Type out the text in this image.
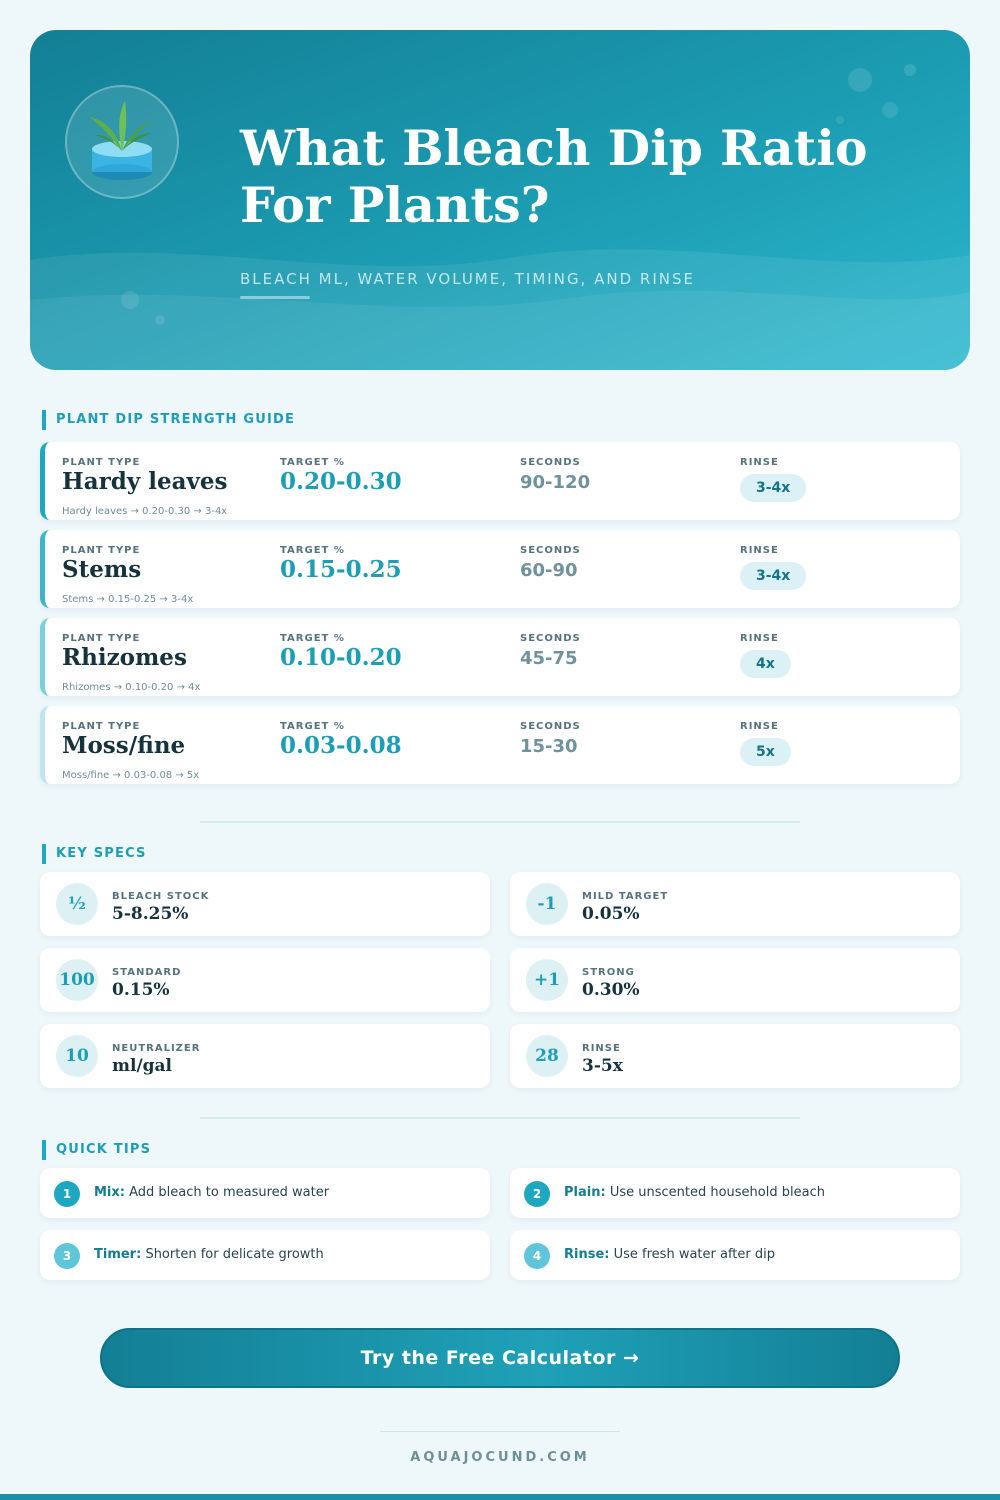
What Bleach Dip Ratio
For Plants?
BLEACH ML, WATER VOLUME, TIMING, AND RINSE
PLANT DIP STRENGTH GUIDE
PLANT TYPE	TARGET %	SECONDS	RINSE
Hardy leaves 0.20-0.30	90-120	3-4x
Hardy leaves → 0.20-0.30 → 3-4x
PLANT TYPE	TARGET %	SECONDS	RINSE
Stems	0.15-0.25	60-90	3-4x
Stems → 0.15-0.25 → 3-4x
PLANT TYPE	TARGET %	SECONDS	RINSE
Rhizomes	0.10-0.20	45-75	4x
Rhizomes → 0.10-0.20 → 4x
PLANT TYPE	TARGET %	SECONDS	RINSE
Moss/fine	0.03-0.08	15-30	5x
Moss/fine → 0.03-0.08 → 5x
KEY SPECS
½	BLEACH STOCK
5-8.25%	-1	MILD TARGET
0.05%
100	STANDARD
0.15%	+1	STRONG
0.30%
10	NEUTRALIZER
ml/gal	28	RINSE
3-5x
QUICK TIPS
1	Mix: Add bleach to measured water	2	Plain: Use unscented household bleach
3	Timer: Shorten for delicate growth	4	Rinse: Use fresh water after dip
Try the Free Calculator →
AQUAJOCUND.COM
